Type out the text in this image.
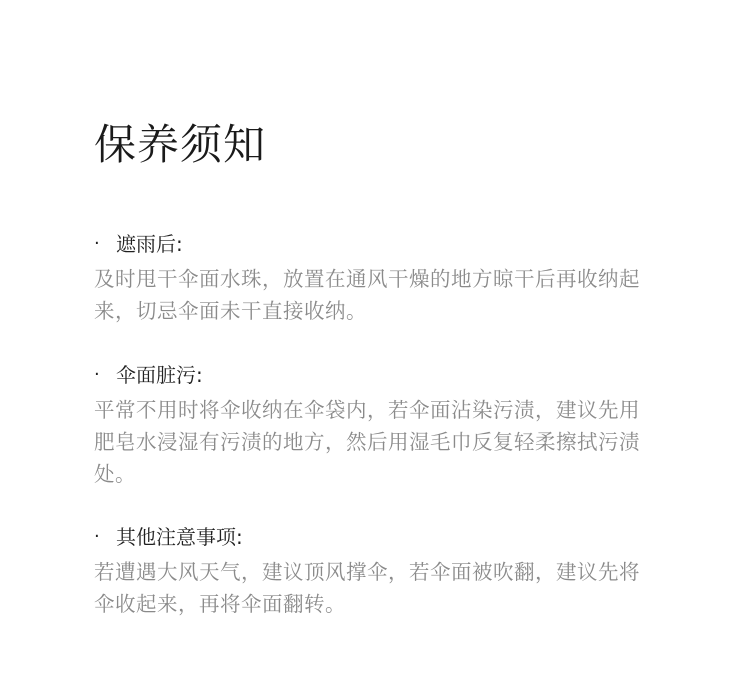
保养须知
· 遮雨后:
及时甩干伞面水珠，放置在通风干燥的地方晾干后再收纳起来，切忌伞面未干直接收纳。
· 伞面脏污:
平常不用时将伞收纳在伞袋内，若伞面沾染污渍，建议先用肥皂水浸湿有污渍的地方，然后用湿毛巾反复轻柔擦拭污渍处。
· 其他注意事项:
若遭遇大风天气，建议顶风撑伞，若伞面被吹翻，建议先将伞收起来，再将伞面翻转。
